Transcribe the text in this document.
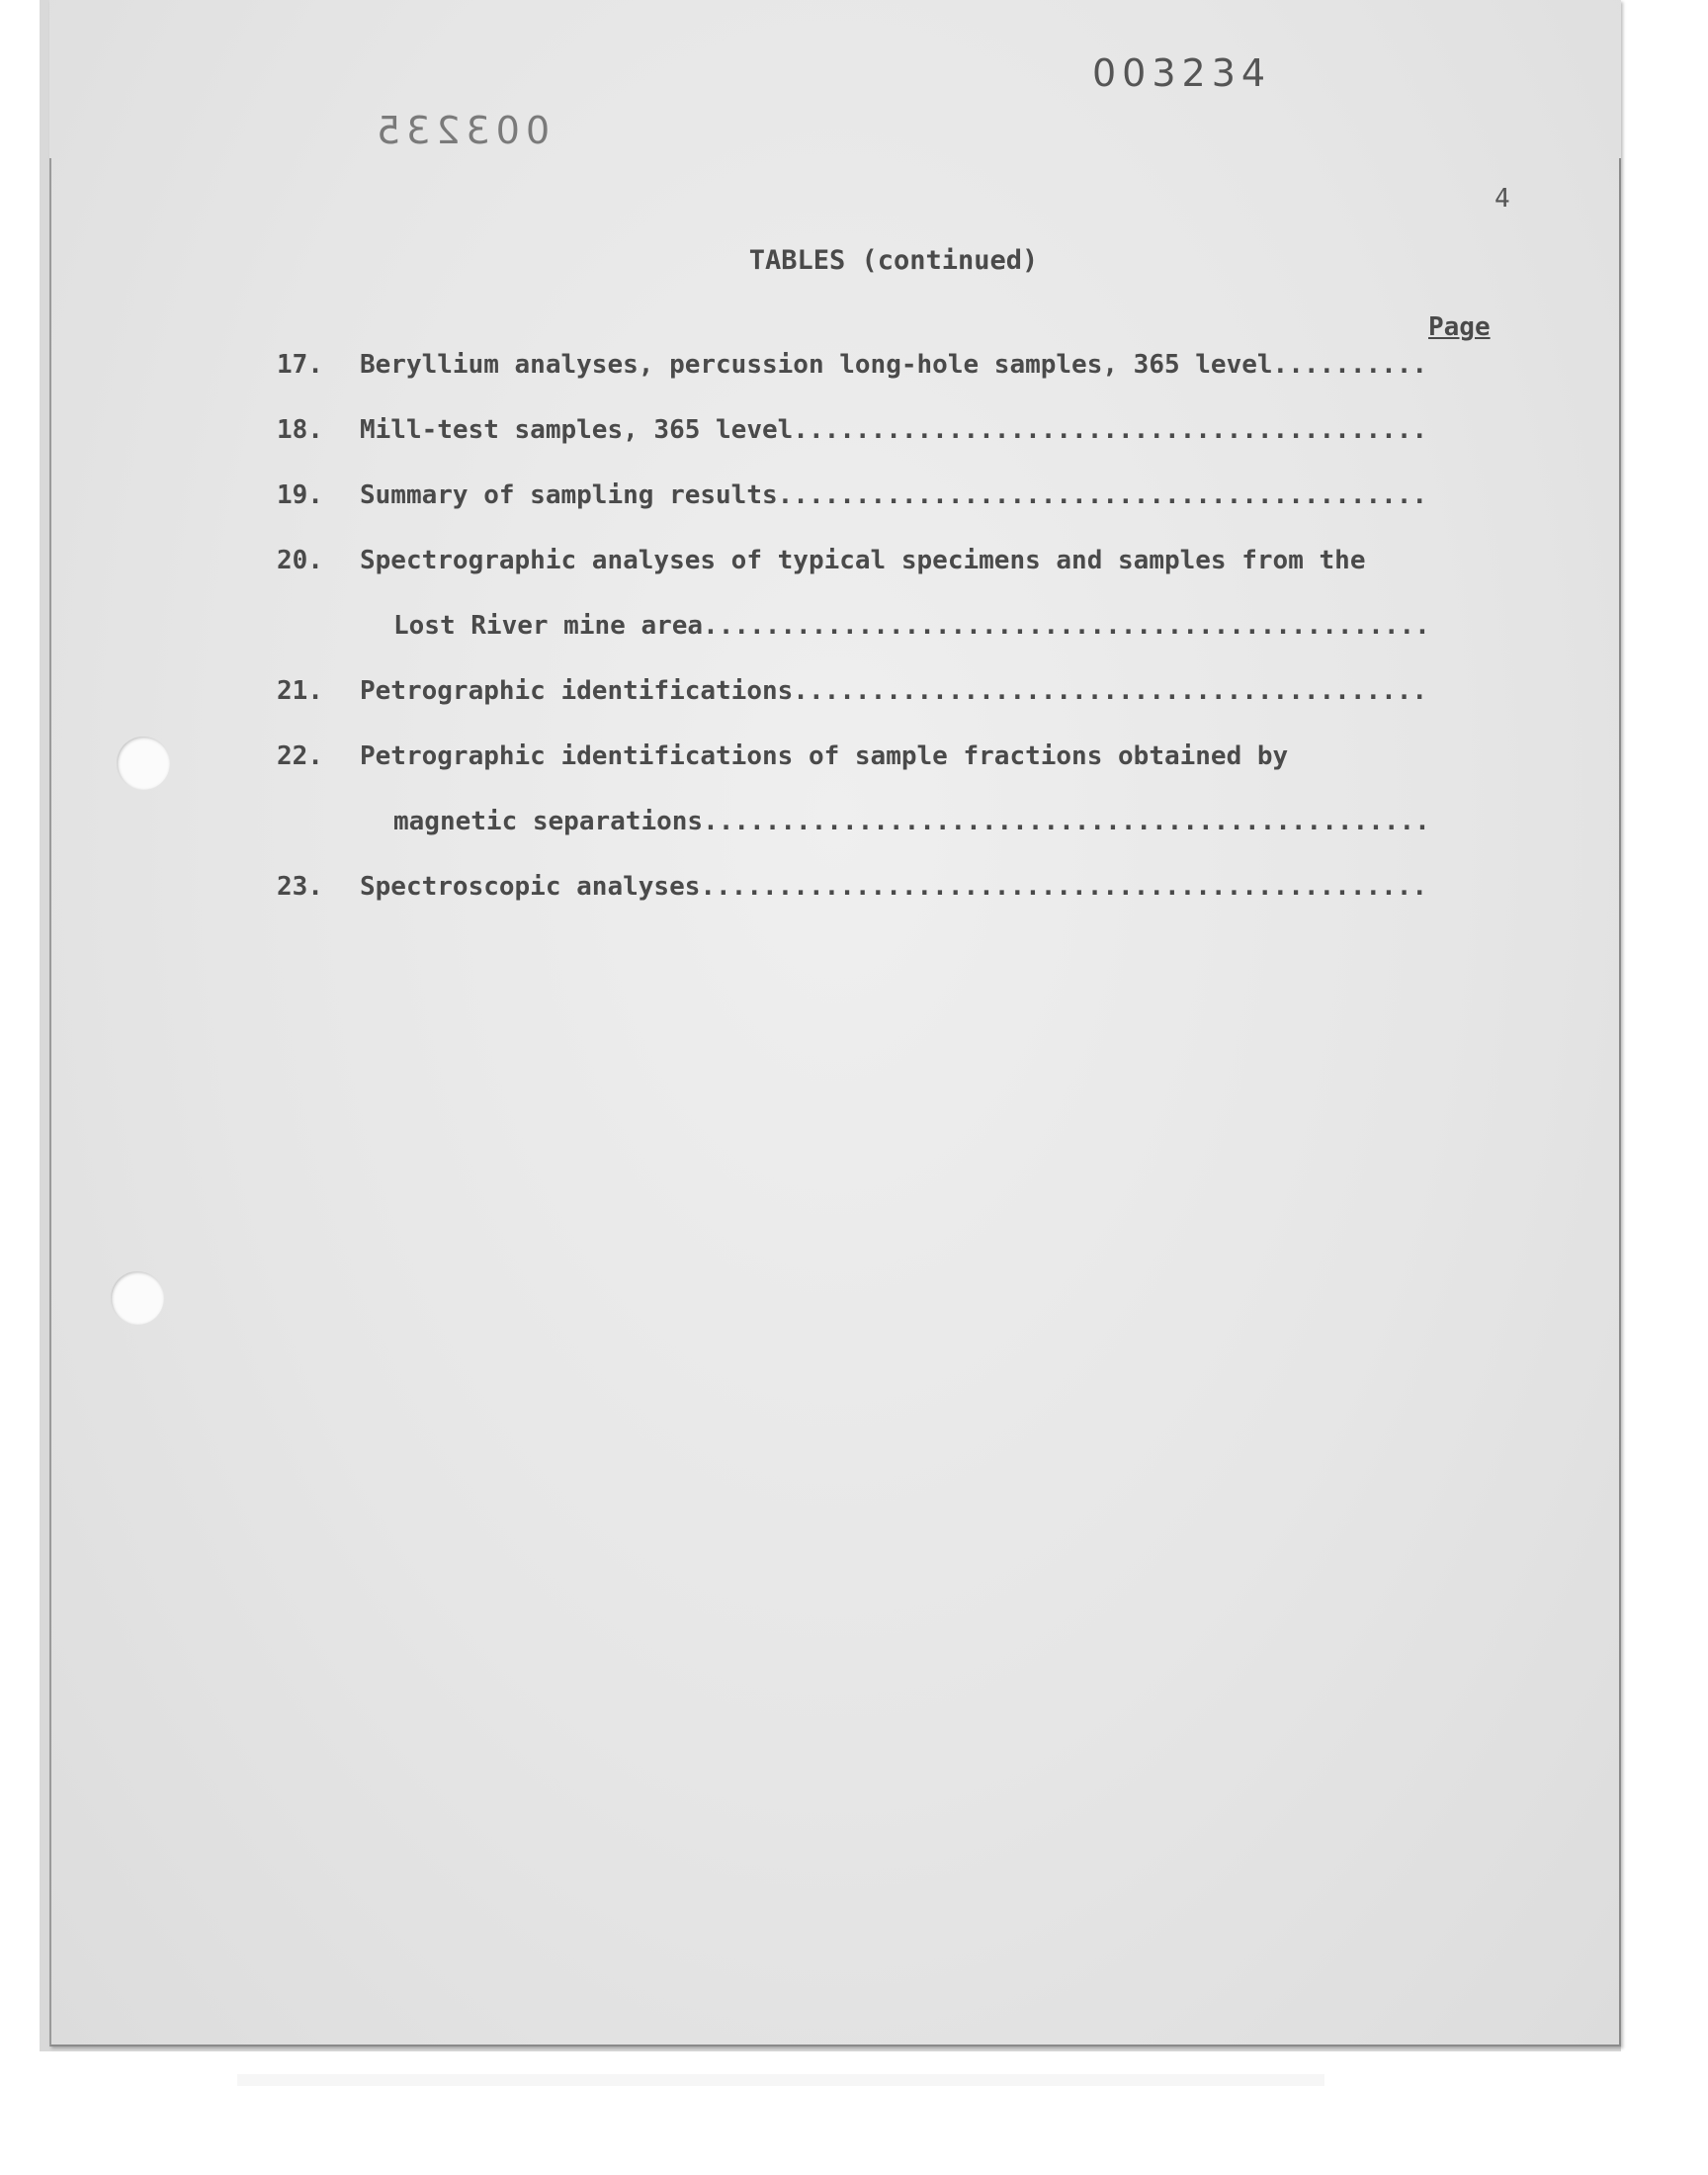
003234
003235
4
TABLES (continued)
Page
17. Beryllium analyses, percussion long-hole samples, 365 level
.....
18. Mill-test samples, 365 level
.....
19. Summary of sampling results
.....
20. Spectrographic analyses of typical specimens and samples from the
Lost River mine area
.....
21. Petrographic identifications
.....
22. Petrographic identifications of sample fractions obtained by
magnetic separations
.....
23. Spectroscopic analyses
.....
